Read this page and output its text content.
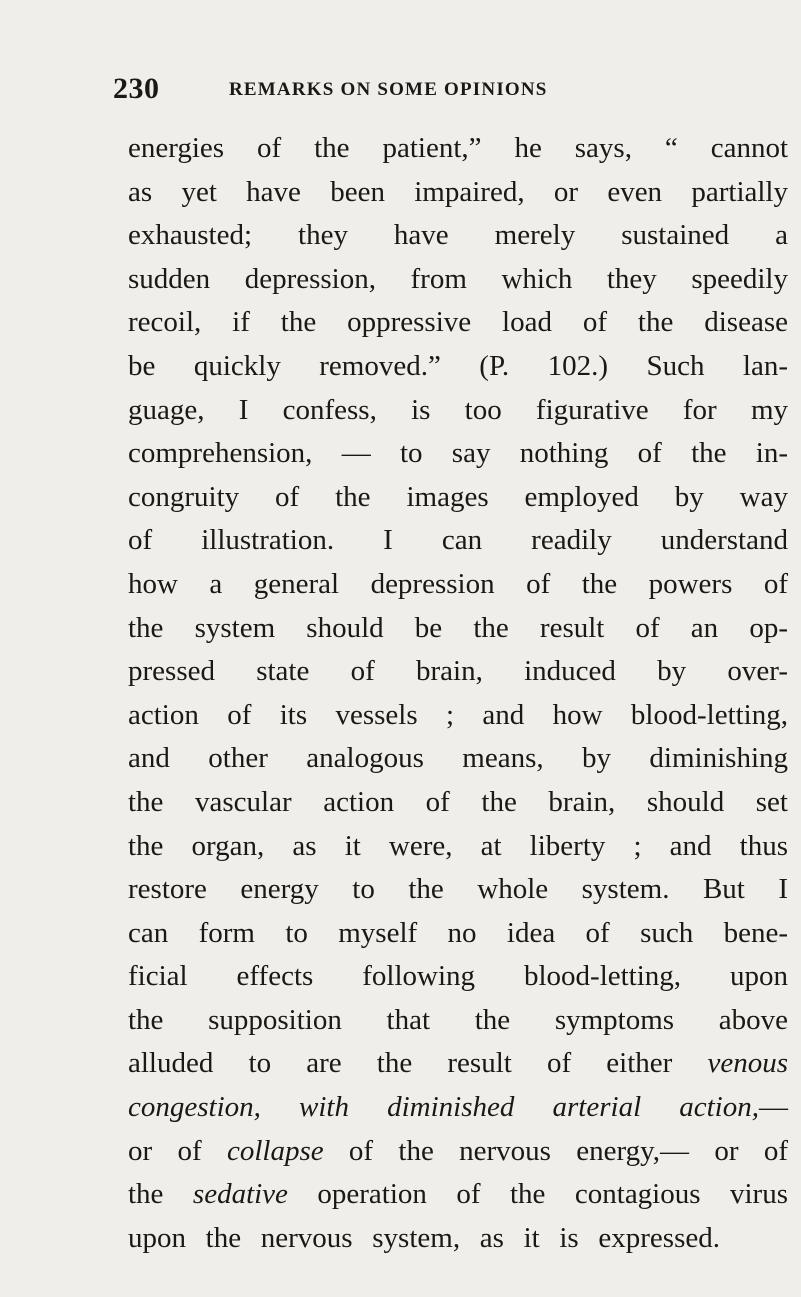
230	REMARKS ON SOME OPINIONS
energies of the patient,” he says, “ cannot
as yet have been impaired, or even partially
exhausted; they have merely sustained a
sudden depression, from which they speedily
recoil, if the oppressive load of the disease
be quickly removed.” (P. 102.) Such lan-
guage, I confess, is too figurative for my
comprehension, — to say nothing of the in-
congruity of the images employed by way
of illustration. I can readily understand
how a general depression of the powers of
the system should be the result of an op-
pressed state of brain, induced by over-
action of its vessels ; and how blood-letting,
and other analogous means, by diminishing
the vascular action of the brain, should set
the organ, as it were, at liberty ; and thus
restore energy to the whole system. But I
can form to myself no idea of such bene-
ficial effects following blood-letting, upon
the supposition that the symptoms above
alluded to are the result of either venous
congestion, with diminished arterial action,—
or of collapse of the nervous energy,— or of
the sedative operation of the contagious virus
upon the nervous system, as it is expressed.
